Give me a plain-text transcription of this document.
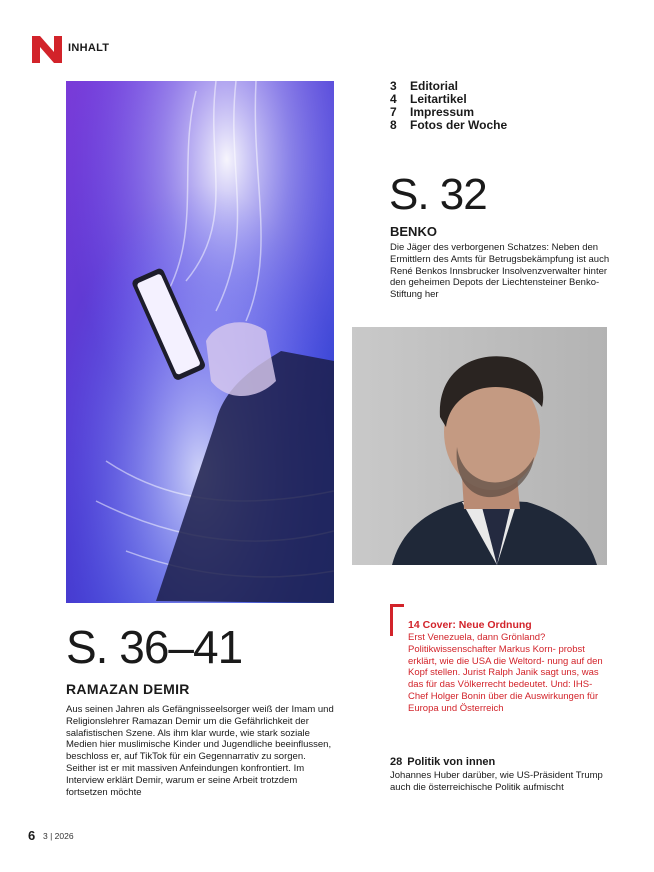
INHALT
3	Editorial
4	Leitartikel
7	Impressum
8	Fotos der Woche
S. 32
BENKO
Die Jäger des verborgenen Schatzes: Neben den Ermittlern des Amts für Betrugsbekämpfung ist auch René Benkos Innsbrucker Insolvenzverwalter hinter den geheimen Depots der Liechtensteiner Benko-Stiftung her
14 Cover: Neue Ordnung
Erst Venezuela, dann Grönland? Politikwissenschafter Markus Korn- probst erklärt, wie die USA die Weltord- nung auf den Kopf stellen. Jurist Ralph Janik sagt uns, was das für das Völkerrecht bedeutet. Und: IHS-Chef Holger Bonin über die Auswirkungen für Europa und Österreich
28 Politik von innen
Johannes Huber darüber, wie US-Präsident Trump auch die österreichische Politik aufmischt
S. 36–41
RAMAZAN DEMIR
Aus seinen Jahren als Gefängnisseelsorger weiß der Imam und Religionslehrer Ramazan Demir um die Gefährlichkeit der salafistischen Szene. Als ihm klar wurde, wie stark soziale Medien hier muslimische Kinder und Jugendliche beeinflussen, beschloss er, auf TikTok für ein Gegennarrativ zu sorgen. Seither ist er mit massiven Anfeindungen konfrontiert. Im Interview erklärt Demir, warum er seine Arbeit trotzdem fortsetzen möchte
6 3 | 2026
